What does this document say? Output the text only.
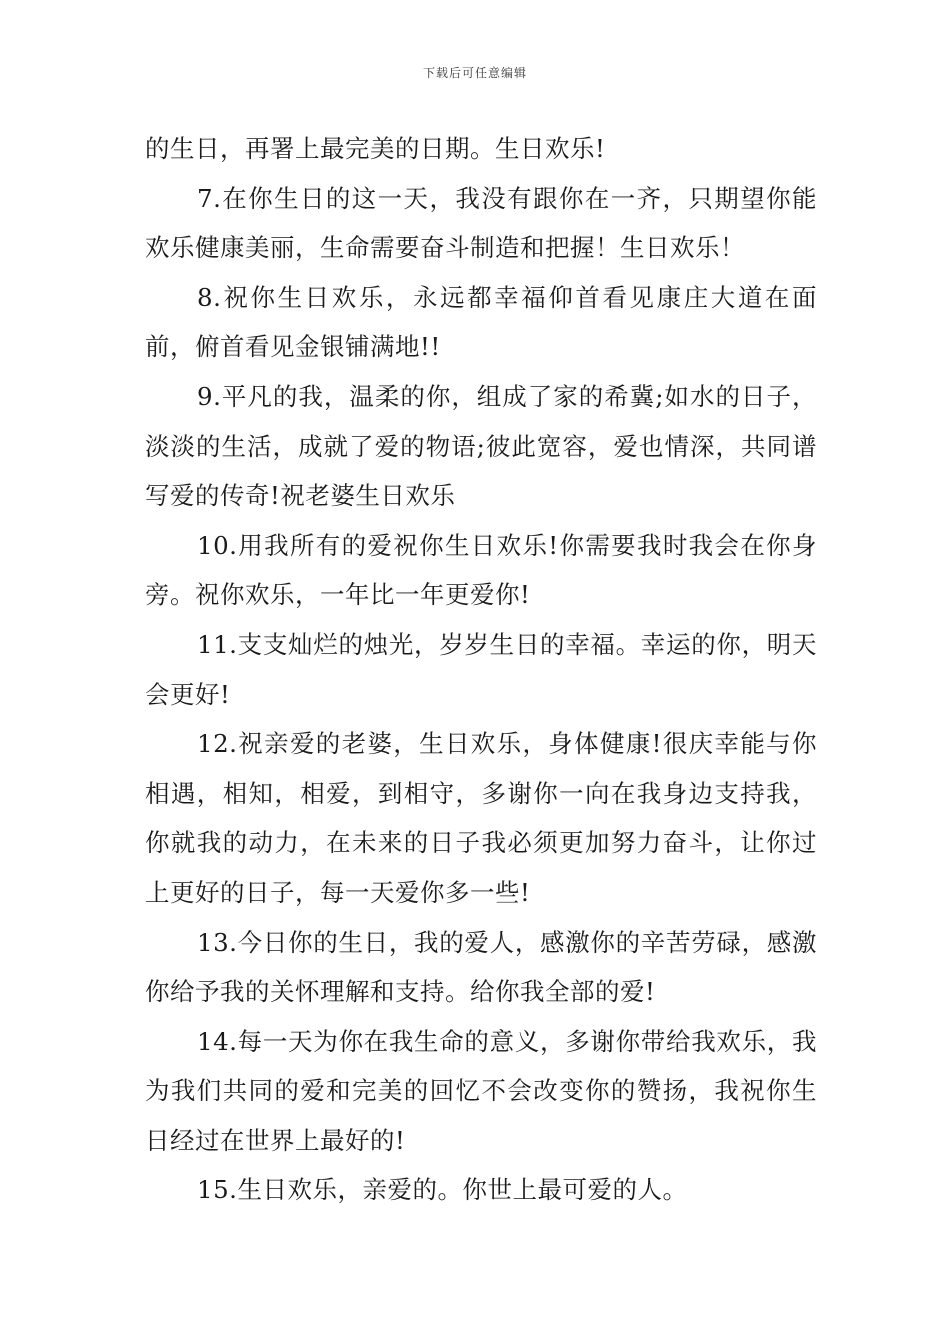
下载后可任意编辑

的生日，再署上最完美的日期。生日欢乐!

7.在你生日的这一天，我没有跟你在一齐，只期望你能欢乐健康美丽，生命需要奋斗制造和把握！生日欢乐！

8.祝你生日欢乐，永远都幸福仰首看见康庄大道在面前，俯首看见金银铺满地!!

9.平凡的我，温柔的你，组成了家的希冀;如水的日子，淡淡的生活，成就了爱的物语;彼此宽容，爱也情深，共同谱写爱的传奇!祝老婆生日欢乐

10.用我所有的爱祝你生日欢乐!你需要我时我会在你身旁。祝你欢乐，一年比一年更爱你!

11.支支灿烂的烛光，岁岁生日的幸福。幸运的你，明天会更好!

12.祝亲爱的老婆，生日欢乐，身体健康!很庆幸能与你相遇，相知，相爱，到相守，多谢你一向在我身边支持我，你就我的动力，在未来的日子我必须更加努力奋斗，让你过上更好的日子，每一天爱你多一些!

13.今日你的生日，我的爱人，感激你的辛苦劳碌，感激你给予我的关怀理解和支持。给你我全部的爱!

14.每一天为你在我生命的意义，多谢你带给我欢乐，我为我们共同的爱和完美的回忆不会改变你的赞扬，我祝你生日经过在世界上最好的!

15.生日欢乐，亲爱的。你世上最可爱的人。
